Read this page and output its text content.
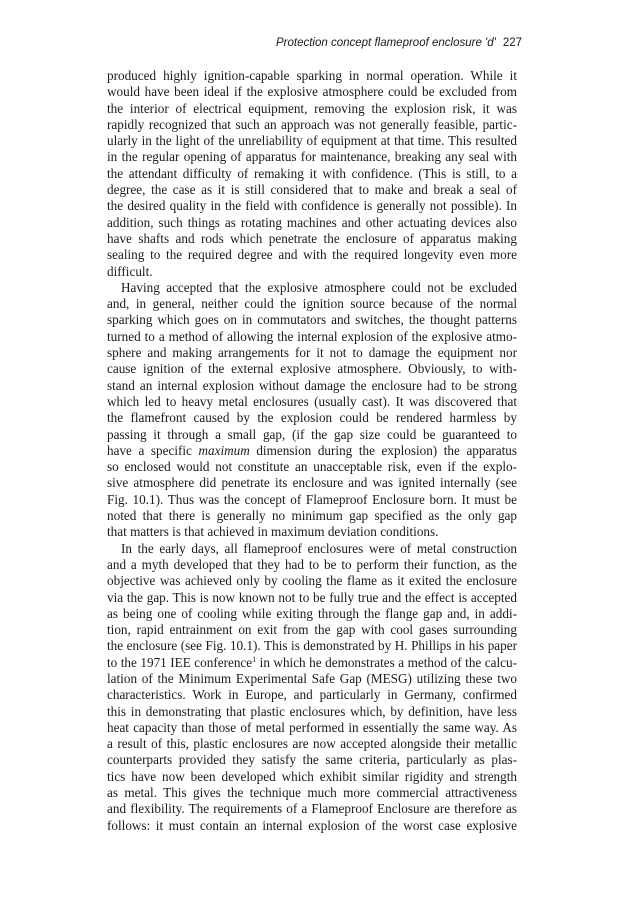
Protection concept flameproof enclosure 'd' 227
produced highly ignition-capable sparking in normal operation. While it
would have been ideal if the explosive atmosphere could be excluded from
the interior of electrical equipment, removing the explosion risk, it was
rapidly recognized that such an approach was not generally feasible, partic-
ularly in the light of the unreliability of equipment at that time. This resulted
in the regular opening of apparatus for maintenance, breaking any seal with
the attendant difficulty of remaking it with confidence. (This is still, to a
degree, the case as it is still considered that to make and break a seal of
the desired quality in the field with confidence is generally not possible). In
addition, such things as rotating machines and other actuating devices also
have shafts and rods which penetrate the enclosure of apparatus making
sealing to the required degree and with the required longevity even more
difficult.
Having accepted that the explosive atmosphere could not be excluded
and, in general, neither could the ignition source because of the normal
sparking which goes on in commutators and switches, the thought patterns
turned to a method of allowing the internal explosion of the explosive atmo-
sphere and making arrangements for it not to damage the equipment nor
cause ignition of the external explosive atmosphere. Obviously, to with-
stand an internal explosion without damage the enclosure had to be strong
which led to heavy metal enclosures (usually cast). It was discovered that
the flamefront caused by the explosion could be rendered harmless by
passing it through a small gap, (if the gap size could be guaranteed to
have a specific maximum dimension during the explosion) the apparatus
so enclosed would not constitute an unacceptable risk, even if the explo-
sive atmosphere did penetrate its enclosure and was ignited internally (see
Fig. 10.1). Thus was the concept of Flameproof Enclosure born. It must be
noted that there is generally no minimum gap specified as the only gap
that matters is that achieved in maximum deviation conditions.
In the early days, all flameproof enclosures were of metal construction
and a myth developed that they had to be to perform their function, as the
objective was achieved only by cooling the flame as it exited the enclosure
via the gap. This is now known not to be fully true and the effect is accepted
as being one of cooling while exiting through the flange gap and, in addi-
tion, rapid entrainment on exit from the gap with cool gases surrounding
the enclosure (see Fig. 10.1). This is demonstrated by H. Phillips in his paper
to the 1971 IEE conference$^1$ in which he demonstrates a method of the calcu-
lation of the Minimum Experimental Safe Gap (MESG) utilizing these two
characteristics. Work in Europe, and particularly in Germany, confirmed
this in demonstrating that plastic enclosures which, by definition, have less
heat capacity than those of metal performed in essentially the same way. As
a result of this, plastic enclosures are now accepted alongside their metallic
counterparts provided they satisfy the same criteria, particularly as plas-
tics have now been developed which exhibit similar rigidity and strength
as metal. This gives the technique much more commercial attractiveness
and flexibility. The requirements of a Flameproof Enclosure are therefore as
follows: it must contain an internal explosion of the worst case explosive
